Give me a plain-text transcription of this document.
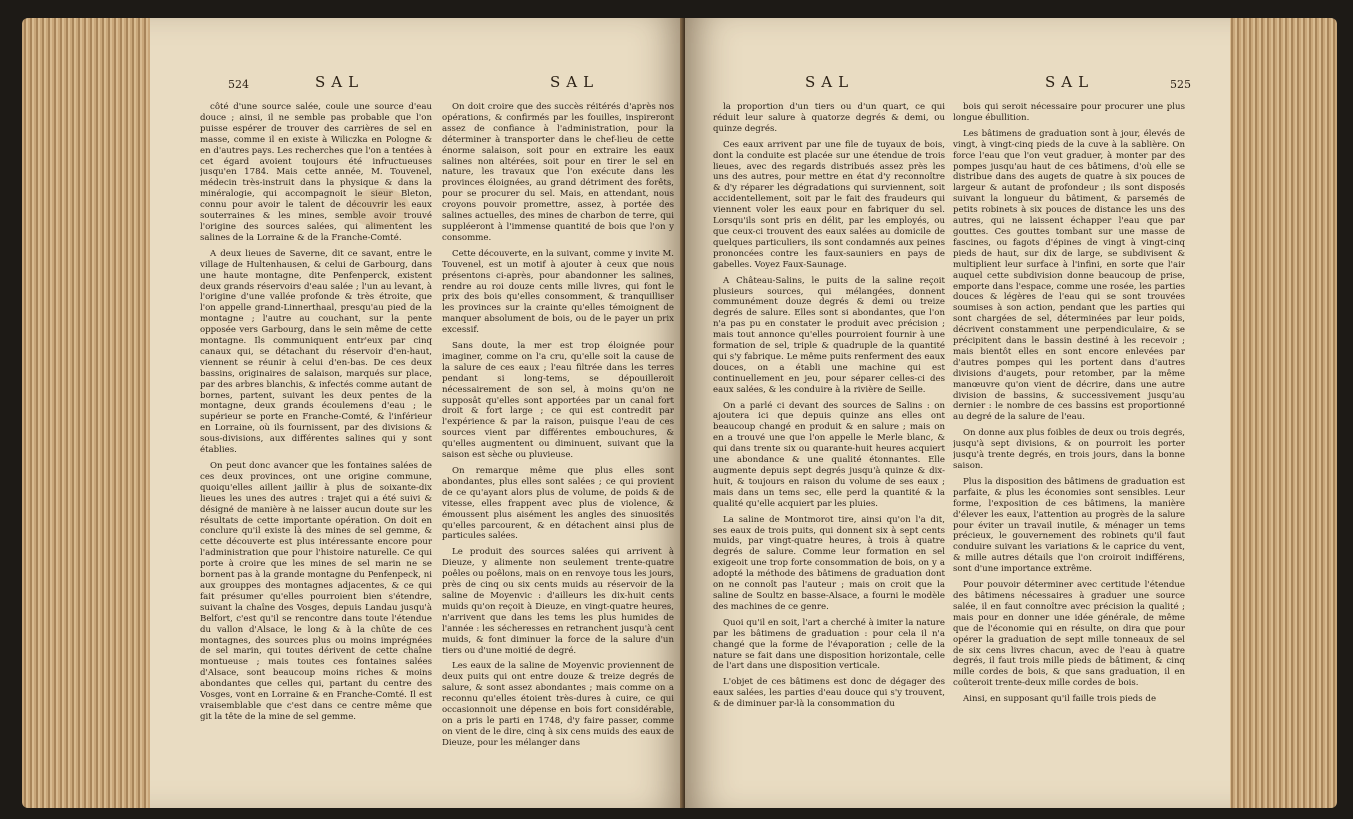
524	SAL	SAL

côté d'une source salée, coule une source d'eau douce ; ainsi, il ne semble pas probable que l'on puisse espérer de trouver des carrières de sel en masse, comme il en existe à Wiliczka en Pologne & en d'autres pays. Les recherches que l'on a tentées à cet égard avoient toujours été infructueuses jusqu'en 1784. Mais cette année, M. Touvenel, médecin très-instruit dans la physique & dans la minéralogie, qui accompagnoit le sieur Bleton, connu pour avoir le talent de découvrir les eaux souterraines & les mines, semble avoir trouvé l'origine des sources salées, qui alimentent les salines de la Lorraine & de la Franche-Comté.

A deux lieues de Saverne, dit ce savant, entre le village de Hultenhausen, & celui de Garbourg, dans une haute montagne, dite Penfenperck, existent deux grands réservoirs d'eau salée ; l'un au levant, à l'origine d'une vallée profonde & très étroite, que l'on appelle grand-Linnerthaal, presqu'au pied de la montagne ; l'autre au couchant, sur la pente opposée vers Garbourg, dans le sein même de cette montagne. Ils communiquent entr'eux par cinq canaux qui, se détachant du réservoir d'en-haut, viennent se réunir à celui d'en-bas. De ces deux bassins, originaires de salaison, marqués sur place, par des arbres blanchis, & infectés comme autant de bornes, partent, suivant les deux pentes de la montagne, deux grands écoulemens d'eau ; le supérieur se porte en Franche-Comté, & l'inférieur en Lorraine, où ils fournissent, par des divisions & sous-divisions, aux différentes salines qui y sont établies.

On peut donc avancer que les fontaines salées de ces deux provinces, ont une origine commune, quoiqu'elles aillent jaillir à plus de soixante-dix lieues les unes des autres : trajet qui a été suivi & désigné de manière à ne laisser aucun doute sur les résultats de cette importante opération. On doit en conclure qu'il existe là des mines de sel gemme, & cette découverte est plus intéressante encore pour l'administration que pour l'histoire naturelle. Ce qui porte à croire que les mines de sel marin ne se bornent pas à la grande montagne du Penfenpeck, ni aux grouppes des montagnes adjacentes, & ce qui fait présumer qu'elles pourroient bien s'étendre, suivant la chaîne des Vosges, depuis Landau jusqu'à Belfort, c'est qu'il se rencontre dans toute l'étendue du vallon d'Alsace, le long & à la chûte de ces montagnes, des sources plus ou moins imprégnées de sel marin, qui toutes dérivent de cette chaîne montueuse ; mais toutes ces fontaines salées d'Alsace, sont beaucoup moins riches & moins abondantes que celles qui, partant du centre des Vosges, vont en Lorraine & en Franche-Comté. Il est vraisemblable que c'est dans ce centre même que git la tête de la mine de sel gemme.

On doit croire que des succès réitérés d'après nos opérations, & confirmés par les fouilles, inspireront assez de confiance à l'administration, pour la déterminer à transporter dans le chef-lieu de cette énorme salaison, soit pour en extraire les eaux salines non altérées, soit pour en tirer le sel en nature, les travaux que l'on exécute dans les provinces éloignées, au grand détriment des forêts, pour se procurer du sel. Mais, en attendant, nous croyons pouvoir promettre, assez, à portée des salines actuelles, des mines de charbon de terre, qui suppléeront à l'immense quantité de bois que l'on y consomme.

Cette découverte, en la suivant, comme y invite M. Touvenel, est un motif à ajouter à ceux que nous présentons ci-après, pour abandonner les salines, rendre au roi douze cents mille livres, qui font le prix des bois qu'elles consomment, & tranquilliser les provinces sur la crainte qu'elles témoignent de manquer absolument de bois, ou de le payer un prix excessif.

Sans doute, la mer est trop éloignée pour imaginer, comme on l'a cru, qu'elle soit la cause de la salure de ces eaux ; l'eau filtrée dans les terres pendant si long-tems, se dépouilleroit nécessairement de son sel, à moins qu'on ne supposât qu'elles sont apportées par un canal fort droit & fort large ; ce qui est contredit par l'expérience & par la raison, puisque l'eau de ces sources vient par différentes embouchures, & qu'elles augmentent ou diminuent, suivant que la saison est sèche ou pluvieuse.

On remarque même que plus elles sont abondantes, plus elles sont salées ; ce qui provient de ce qu'ayant alors plus de volume, de poids & de vitesse, elles frappent avec plus de violence, & émoussent plus aisément les angles des sinuosités qu'elles parcourent, & en détachent ainsi plus de particules salées.

Le produit des sources salées qui arrivent à Dieuze, y alimente non seulement trente-quatre poêles ou poêlons, mais on en renvoye tous les jours, près de cinq ou six cents muids au réservoir de la saline de Moyenvic : d'ailleurs les dix-huit cents muids qu'on reçoit à Dieuze, en vingt-quatre heures, n'arrivent que dans les tems les plus humides de l'année : les sécheresses en retranchent jusqu'à cent muids, & font diminuer la force de la salure d'un tiers ou d'une moitié de degré.

Les eaux de la saline de Moyenvic proviennent de deux puits qui ont entre douze & treize degrés de salure, & sont assez abondantes ; mais comme on a reconnu qu'elles étoient très-dures à cuire, ce qui occasionnoit une dépense en bois fort considérable, on a pris le parti en 1748, d'y faire passer, comme on vient de le dire, cinq à six cens muids des eaux de Dieuze, pour les mélanger dans

SAL	SAL	525

la proportion d'un tiers ou d'un quart, ce qui réduit leur salure à quatorze degrés & demi, ou quinze degrés.

Ces eaux arrivent par une file de tuyaux de bois, dont la conduite est placée sur une étendue de trois lieues, avec des regards distribués assez près les uns des autres, pour mettre en état d'y reconnoître & d'y réparer les dégradations qui surviennent, soit accidentellement, soit par le fait des fraudeurs qui viennent voler les eaux pour en fabriquer du sel. Lorsqu'ils sont pris en délit, par les employés, ou que ceux-ci trouvent des eaux salées au domicile de quelques particuliers, ils sont condamnés aux peines prononcées contre les faux-sauniers en pays de gabelles. Voyez Faux-Saunage.

A Château-Salins, le puits de la saline reçoit plusieurs sources, qui mélangées, donnent communément douze degrés & demi ou treize degrés de salure. Elles sont si abondantes, que l'on n'a pas pu en constater le produit avec précision ; mais tout annonce qu'elles pourroient fournir à une formation de sel, triple & quadruple de la quantité qui s'y fabrique. Le même puits renferment des eaux douces, on a établi une machine qui est continuellement en jeu, pour séparer celles-ci des eaux salées, & les conduire à la rivière de Seille.

On a parlé ci devant des sources de Salins : on ajoutera ici que depuis quinze ans elles ont beaucoup changé en produit & en salure ; mais on en a trouvé une que l'on appelle le Merle blanc, & qui dans trente six ou quarante-huit heures acquiert une abondance & une qualité étonnantes. Elle augmente depuis sept degrés jusqu'à quinze & dix-huit, & toujours en raison du volume de ses eaux ; mais dans un tems sec, elle perd la quantité & la qualité qu'elle acquiert par les pluies.

La saline de Montmorot tire, ainsi qu'on l'a dit, ses eaux de trois puits, qui donnent six à sept cents muids, par vingt-quatre heures, à trois à quatre degrés de salure. Comme leur formation en sel exigeoit une trop forte consommation de bois, on y a adopté la méthode des bâtimens de graduation dont on ne connoît pas l'auteur ; mais on croit que la saline de Soultz en basse-Alsace, a fourni le modèle des machines de ce genre.

Quoi qu'il en soit, l'art a cherché à imiter la nature par les bâtimens de graduation : pour cela il n'a changé que la forme de l'évaporation ; celle de la nature se fait dans une disposition horizontale, celle de l'art dans une disposition verticale.

L'objet de ces bâtimens est donc de dégager des eaux salées, les parties d'eau douce qui s'y trouvent, & de diminuer par-là la consommation du

bois qui seroit nécessaire pour procurer une plus longue ébullition.

Les bâtimens de graduation sont à jour, élevés de vingt, à vingt-cinq pieds de la cuve à la sablière. On force l'eau que l'on veut graduer, à monter par des pompes jusqu'au haut de ces bâtimens, d'où elle se distribue dans des augets de quatre à six pouces de largeur & autant de profondeur ; ils sont disposés suivant la longueur du bâtiment, & parsemés de petits robinets à six pouces de distance les uns des autres, qui ne laissent échapper l'eau que par gouttes. Ces gouttes tombant sur une masse de fascines, ou fagots d'épines de vingt à vingt-cinq pieds de haut, sur dix de large, se subdivisent & multiplient leur surface à l'infini, en sorte que l'air auquel cette subdivision donne beaucoup de prise, emporte dans l'espace, comme une rosée, les parties douces & légères de l'eau qui se sont trouvées soumises à son action, pendant que les parties qui sont chargées de sel, déterminées par leur poids, décrivent constamment une perpendiculaire, & se précipitent dans le bassin destiné à les recevoir ; mais bientôt elles en sont encore enlevées par d'autres pompes qui les portent dans d'autres divisions d'augets, pour retomber, par la même manœuvre qu'on vient de décrire, dans une autre division de bassins, & successivement jusqu'au dernier : le nombre de ces bassins est proportionné au degré de la salure de l'eau.

On donne aux plus foibles de deux ou trois degrés, jusqu'à sept divisions, & on pourroit les porter jusqu'à trente degrés, en trois jours, dans la bonne saison.

Plus la disposition des bâtimens de graduation est parfaite, & plus les économies sont sensibles. Leur forme, l'exposition de ces bâtimens, la manière d'élever les eaux, l'attention au progrès de la salure pour éviter un travail inutile, & ménager un tems précieux, le gouvernement des robinets qu'il faut conduire suivant les variations & le caprice du vent, & mille autres détails que l'on croiroit indifférens, sont d'une importance extrême.

Pour pouvoir déterminer avec certitude l'étendue des bâtimens nécessaires à graduer une source salée, il en faut connoître avec précision la qualité ; mais pour en donner une idée générale, de même que de l'économie qui en résulte, on dira que pour opérer la graduation de sept mille tonneaux de sel de six cens livres chacun, avec de l'eau à quatre degrés, il faut trois mille pieds de bâtiment, & cinq mille cordes de bois, & que sans graduation, il en coûteroit trente-deux mille cordes de bois.

Ainsi, en supposant qu'il faille trois pieds de
